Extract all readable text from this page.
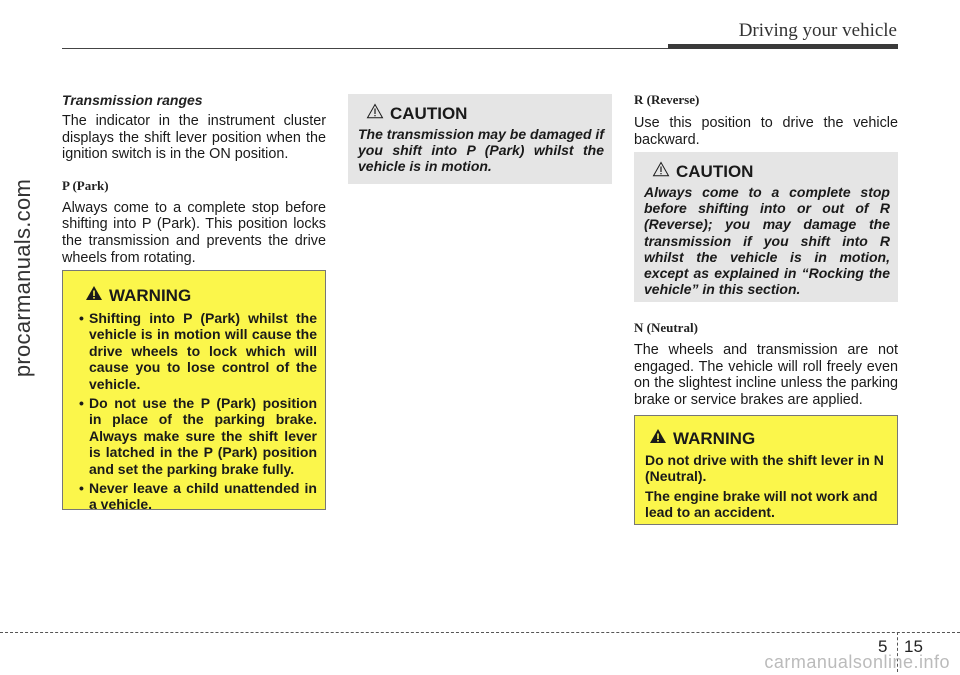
Driving your vehicle
procarmanuals.com
Transmission ranges

The indicator in the instrument cluster displays the shift lever position when the ignition switch is in the ON position.

P (Park)

Always come to a complete stop before shifting into P (Park). This position locks the transmission and prevents the drive wheels from rotating.

WARNING
• Shifting into P (Park) whilst the vehicle is in motion will cause the drive wheels to lock which will cause you to lose control of the vehicle.
• Do not use the P (Park) position in place of the parking brake. Always make sure the shift lever is latched in the P (Park) position and set the parking brake fully.
• Never leave a child unattended in a vehicle.
CAUTION

The transmission may be damaged if you shift into P (Park) whilst the vehicle is in motion.

R (Reverse)

Use this position to drive the vehicle backward.

CAUTION

Always come to a complete stop before shifting into or out of R (Reverse); you may damage the transmission if you shift into R whilst the vehicle is in motion, except as explained in “Rocking the vehicle” in this section.

N (Neutral)

The wheels and transmission are not engaged. The vehicle will roll freely even on the slightest incline unless the parking brake or service brakes are applied.

WARNING

Do not drive with the shift lever in N (Neutral).

The engine brake will not work and lead to an accident.

5 15
carmanualsonline.info
